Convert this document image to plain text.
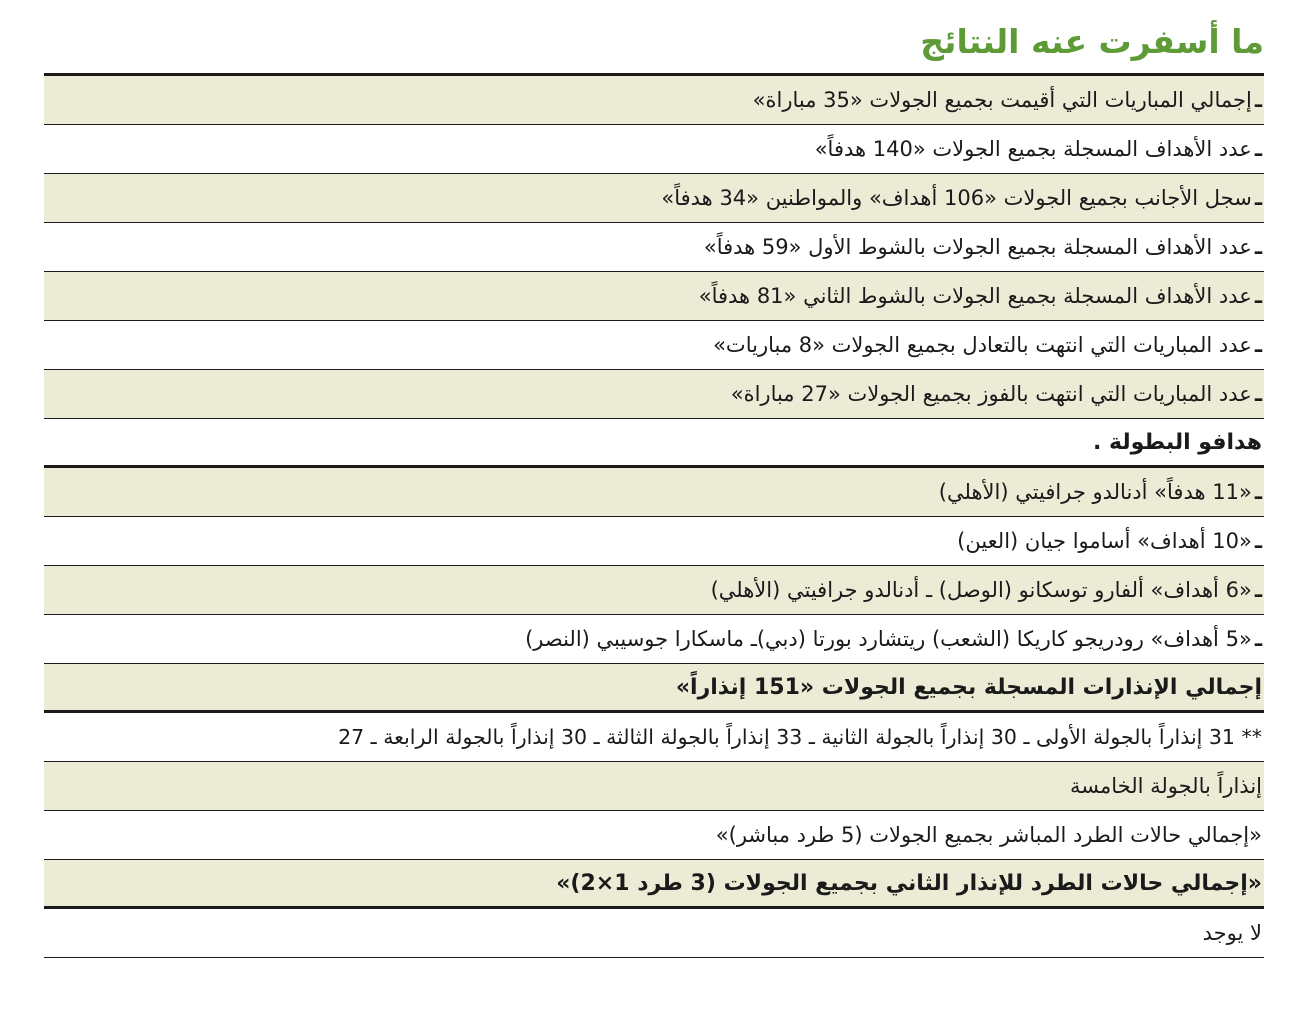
ما أسفرت عنه النتائج
ـ
إجمالي المباريات التي أقيمت بجميع الجولات «35 مباراة»
ـ
عدد الأهداف المسجلة بجميع الجولات «140 هدفاً»
ـ
سجل الأجانب بجميع الجولات «106 أهداف» والمواطنين «34 هدفاً»
ـ
عدد الأهداف المسجلة بجميع الجولات بالشوط الأول «59 هدفاً»
ـ
عدد الأهداف المسجلة بجميع الجولات بالشوط الثاني «81 هدفاً»
ـ
عدد المباريات التي انتهت بالتعادل بجميع الجولات «8 مباريات»
ـ
عدد المباريات التي انتهت بالفوز بجميع الجولات «27 مباراة»
هدافو البطولة .
ـ
«11 هدفاً» أدنالدو جرافيتي (الأهلي)
ـ
«10 أهداف» أساموا جيان (العين)
ـ
«6 أهداف» ألفارو توسكانو (الوصل) ـ أدنالدو جرافيتي (الأهلي)
ـ
«5 أهداف» رودريجو كاريكا (الشعب) ريتشارد بورتا (دبي)ـ ماسكارا جوسيبي (النصر)
إجمالي الإنذارات المسجلة بجميع الجولات «151 إنذاراً»
** 31 إنذاراً بالجولة الأولى ـ 30 إنذاراً بالجولة الثانية ـ 33 إنذاراً بالجولة الثالثة ـ 30 إنذاراً بالجولة الرابعة ـ 27
إنذاراً بالجولة الخامسة
«إجمالي حالات الطرد المباشر بجميع الجولات (5 طرد مباشر)»
«إجمالي حالات الطرد للإنذار الثاني بجميع الجولات (3 طرد 1×2)»
لا يوجد
